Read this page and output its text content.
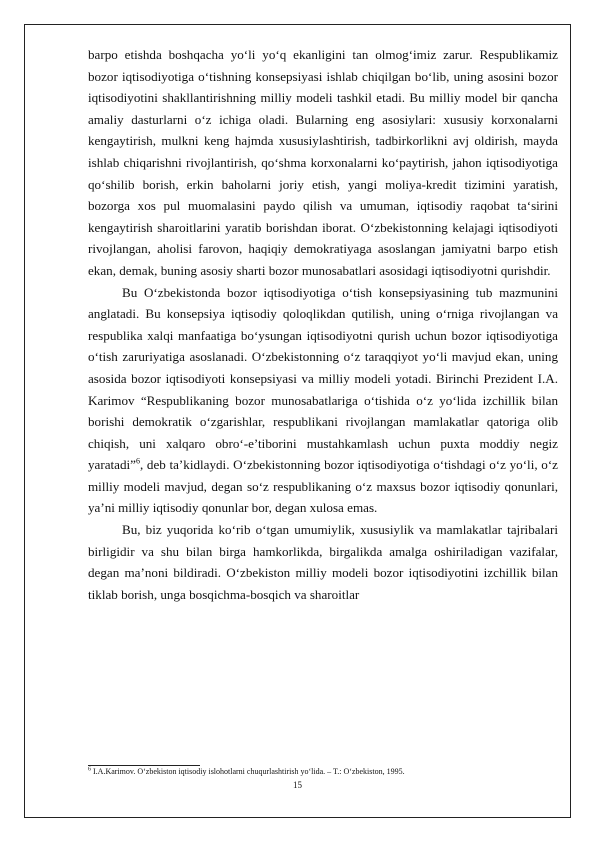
barpo etishda boshqacha yo‘li yo‘q ekanligini tan olmog‘imiz zarur. Respublikamiz bozor iqtisodiyotiga o‘tishning konsepsiyasi ishlab chiqilgan bo‘lib, uning asosini bozor iqtisodiyotini shakllantirishning milliy modeli tashkil etadi. Bu milliy model bir qancha amaliy dasturlarni o‘z ichiga oladi. Bularning eng asosiylari: xususiy korxonalarni kengaytirish, mulkni keng hajmda xususiylashtirish, tadbirkorlikni avj oldirish, mayda ishlab chiqarishni rivojlantirish, qo‘shma korxonalarni ko‘paytirish, jahon iqtisodiyotiga qo‘shilib borish, erkin baholarni joriy etish, yangi moliya-kredit tizimini yaratish, bozorga xos pul muomalasini paydo qilish va umuman, iqtisodiy raqobat ta‘sirini kengaytirish sharoitlarini yaratib borishdan iborat. O‘zbekistonning kelajagi iqtisodiyoti rivojlangan, aholisi farovon, haqiqiy demokratiyaga asoslangan jamiyatni barpo etish ekan, demak, buning asosiy sharti bozor munosabatlari asosidagi iqtisodiyotni qurishdir.

Bu O‘zbekistonda bozor iqtisodiyotiga o‘tish konsepsiyasining tub mazmunini anglatadi. Bu konsepsiya iqtisodiy qoloqlikdan qutilish, uning o‘rniga rivojlangan va respublika xalqi manfaatiga bo‘ysungan iqtisodiyotni qurish uchun bozor iqtisodiyotiga o‘tish zaruriyatiga asoslanadi. O‘zbekistonning o‘z taraqqiyot yo‘li mavjud ekan, uning asosida bozor iqtisodiyoti konsepsiyasi va milliy modeli yotadi. Birinchi Prezident I.A. Karimov “Respublikaning bozor munosabatlariga o‘tishida o‘z yo‘lida izchillik bilan borishi demokratik o‘zgarishlar, respublikani rivojlangan mamlakatlar qatoriga olib chiqish, uni xalqaro obro‘-e’tiborini mustahkamlash uchun puxta moddiy negiz yaratadi”$^6$, deb ta’kidlaydi. O‘zbekistonning bozor iqtisodiyotiga o‘tishdagi o‘z yo‘li, o‘z milliy modeli mavjud, degan so‘z respublikaning o‘z maxsus bozor iqtisodiy qonunlari, ya’ni milliy iqtisodiy qonunlar bor, degan xulosa emas.

Bu, biz yuqorida ko‘rib o‘tgan umumiylik, xususiylik va mamlakatlar tajribalari birligidir va shu bilan birga hamkorlikda, birgalikda amalga oshiriladigan vazifalar, degan ma’noni bildiradi. O‘zbekiston milliy modeli bozor iqtisodiyotini izchillik bilan tiklab borish, unga bosqichma-bosqich va sharoitlar

$^6$ I.A.Karimov. O‘zbekiston iqtisodiy islohotlarni chuqurlashtirish yo‘lida. – T.: O‘zbekiston, 1995.
15
